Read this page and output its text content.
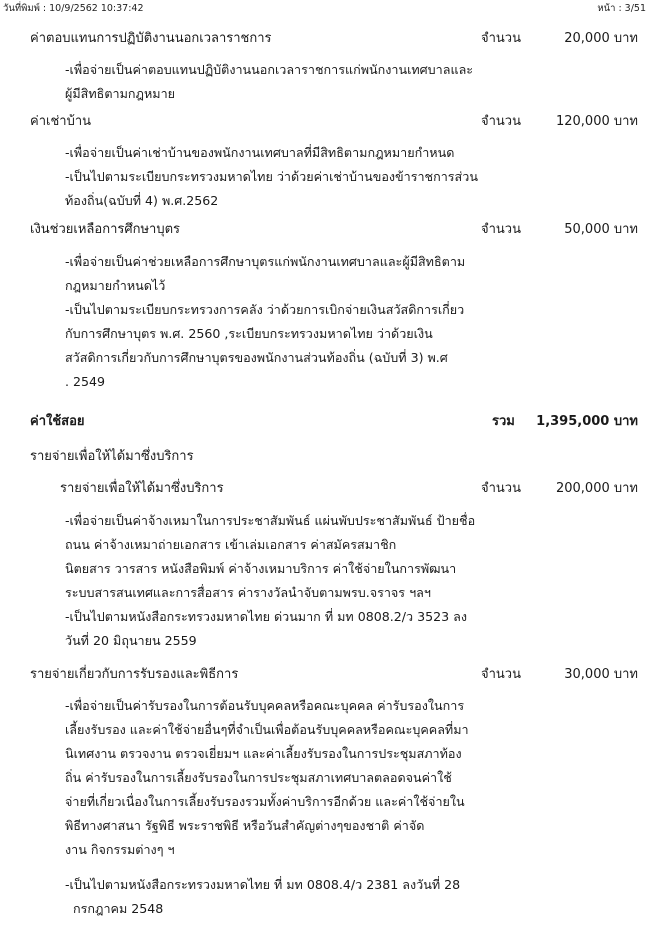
วันที่พิมพ์ : 10/9/2562 10:37:42	หน้า : 3/51
ค่าตอบแทนการปฏิบัติงานนอกเวลาราชการ	จำนวน	20,000 บาท
-เพื่อจ่ายเป็นค่าตอบแทนปฏิบัติงานนอกเวลาราชการแก่พนักงานเทศบาลและ
ผู้มีสิทธิตามกฎหมาย
ค่าเช่าบ้าน	จำนวน	120,000 บาท
-เพื่อจ่ายเป็นค่าเช่าบ้านของพนักงานเทศบาลที่มีสิทธิตามกฎหมายกำหนด
-เป็นไปตามระเบียบกระทรวงมหาดไทย ว่าด้วยค่าเช่าบ้านของข้าราชการส่วน
ท้องถิ่น(ฉบับที่ 4) พ.ศ.2562
เงินช่วยเหลือการศึกษาบุตร	จำนวน	50,000 บาท
-เพื่อจ่ายเป็นค่าช่วยเหลือการศึกษาบุตรแก่พนักงานเทศบาลและผู้มีสิทธิตาม
กฎหมายกำหนดไว้
-เป็นไปตามระเบียบกระทรวงการคลัง ว่าด้วยการเบิกจ่ายเงินสวัสดิการเกี่ยว
กับการศึกษาบุตร พ.ศ. 2560 ,ระเบียบกระทรวงมหาดไทย ว่าด้วยเงิน
สวัสดิการเกี่ยวกับการศึกษาบุตรของพนักงานส่วนท้องถิ่น (ฉบับที่ 3) พ.ศ
. 2549
ค่าใช้สอย	รวม 1,395,000 บาท
รายจ่ายเพื่อให้ได้มาซึ่งบริการ
รายจ่ายเพื่อให้ได้มาซึ่งบริการ	จำนวน	200,000 บาท
-เพื่อจ่ายเป็นค่าจ้างเหมาในการประชาสัมพันธ์ แผ่นพับประชาสัมพันธ์ ป้ายชื่อ
ถนน ค่าจ้างเหมาถ่ายเอกสาร เข้าเล่มเอกสาร ค่าสมัครสมาชิก
นิตยสาร วารสาร หนังสือพิมพ์ ค่าจ้างเหมาบริการ ค่าใช้จ่ายในการพัฒนา
ระบบสารสนเทศและการสื่อสาร ค่ารางวัลนำจับตามพรบ.จราจร ฯลฯ
-เป็นไปตามหนังสือกระทรวงมหาดไทย ด่วนมาก ที่ มท 0808.2/ว 3523 ลง
วันที่ 20 มิถุนายน 2559
รายจ่ายเกี่ยวกับการรับรองและพิธีการ	จำนวน	30,000 บาท
-เพื่อจ่ายเป็นค่ารับรองในการต้อนรับบุคคลหรือคณะบุคคล ค่ารับรองในการ
เลี้ยงรับรอง และค่าใช้จ่ายอื่นๆที่จำเป็นเพื่อต้อนรับบุคคลหรือคณะบุคคลที่มา
นิเทศงาน ตรวจงาน ตรวจเยี่ยมฯ และค่าเลี้ยงรับรองในการประชุมสภาท้อง
ถิ่น ค่ารับรองในการเลี้ยงรับรองในการประชุมสภาเทศบาลตลอดจนค่าใช้
จ่ายที่เกี่ยวเนื่องในการเลี้ยงรับรองรวมทั้งค่าบริการอีกด้วย และค่าใช้จ่ายใน
พิธีทางศาสนา รัฐพิธี พระราชพิธี หรือวันสำคัญต่างๆของชาติ ค่าจัด
งาน กิจกรรมต่างๆ ฯ
-เป็นไปตามหนังสือกระทรวงมหาดไทย ที่ มท 0808.4/ว 2381 ลงวันที่ 28
กรกฎาคม 2548
